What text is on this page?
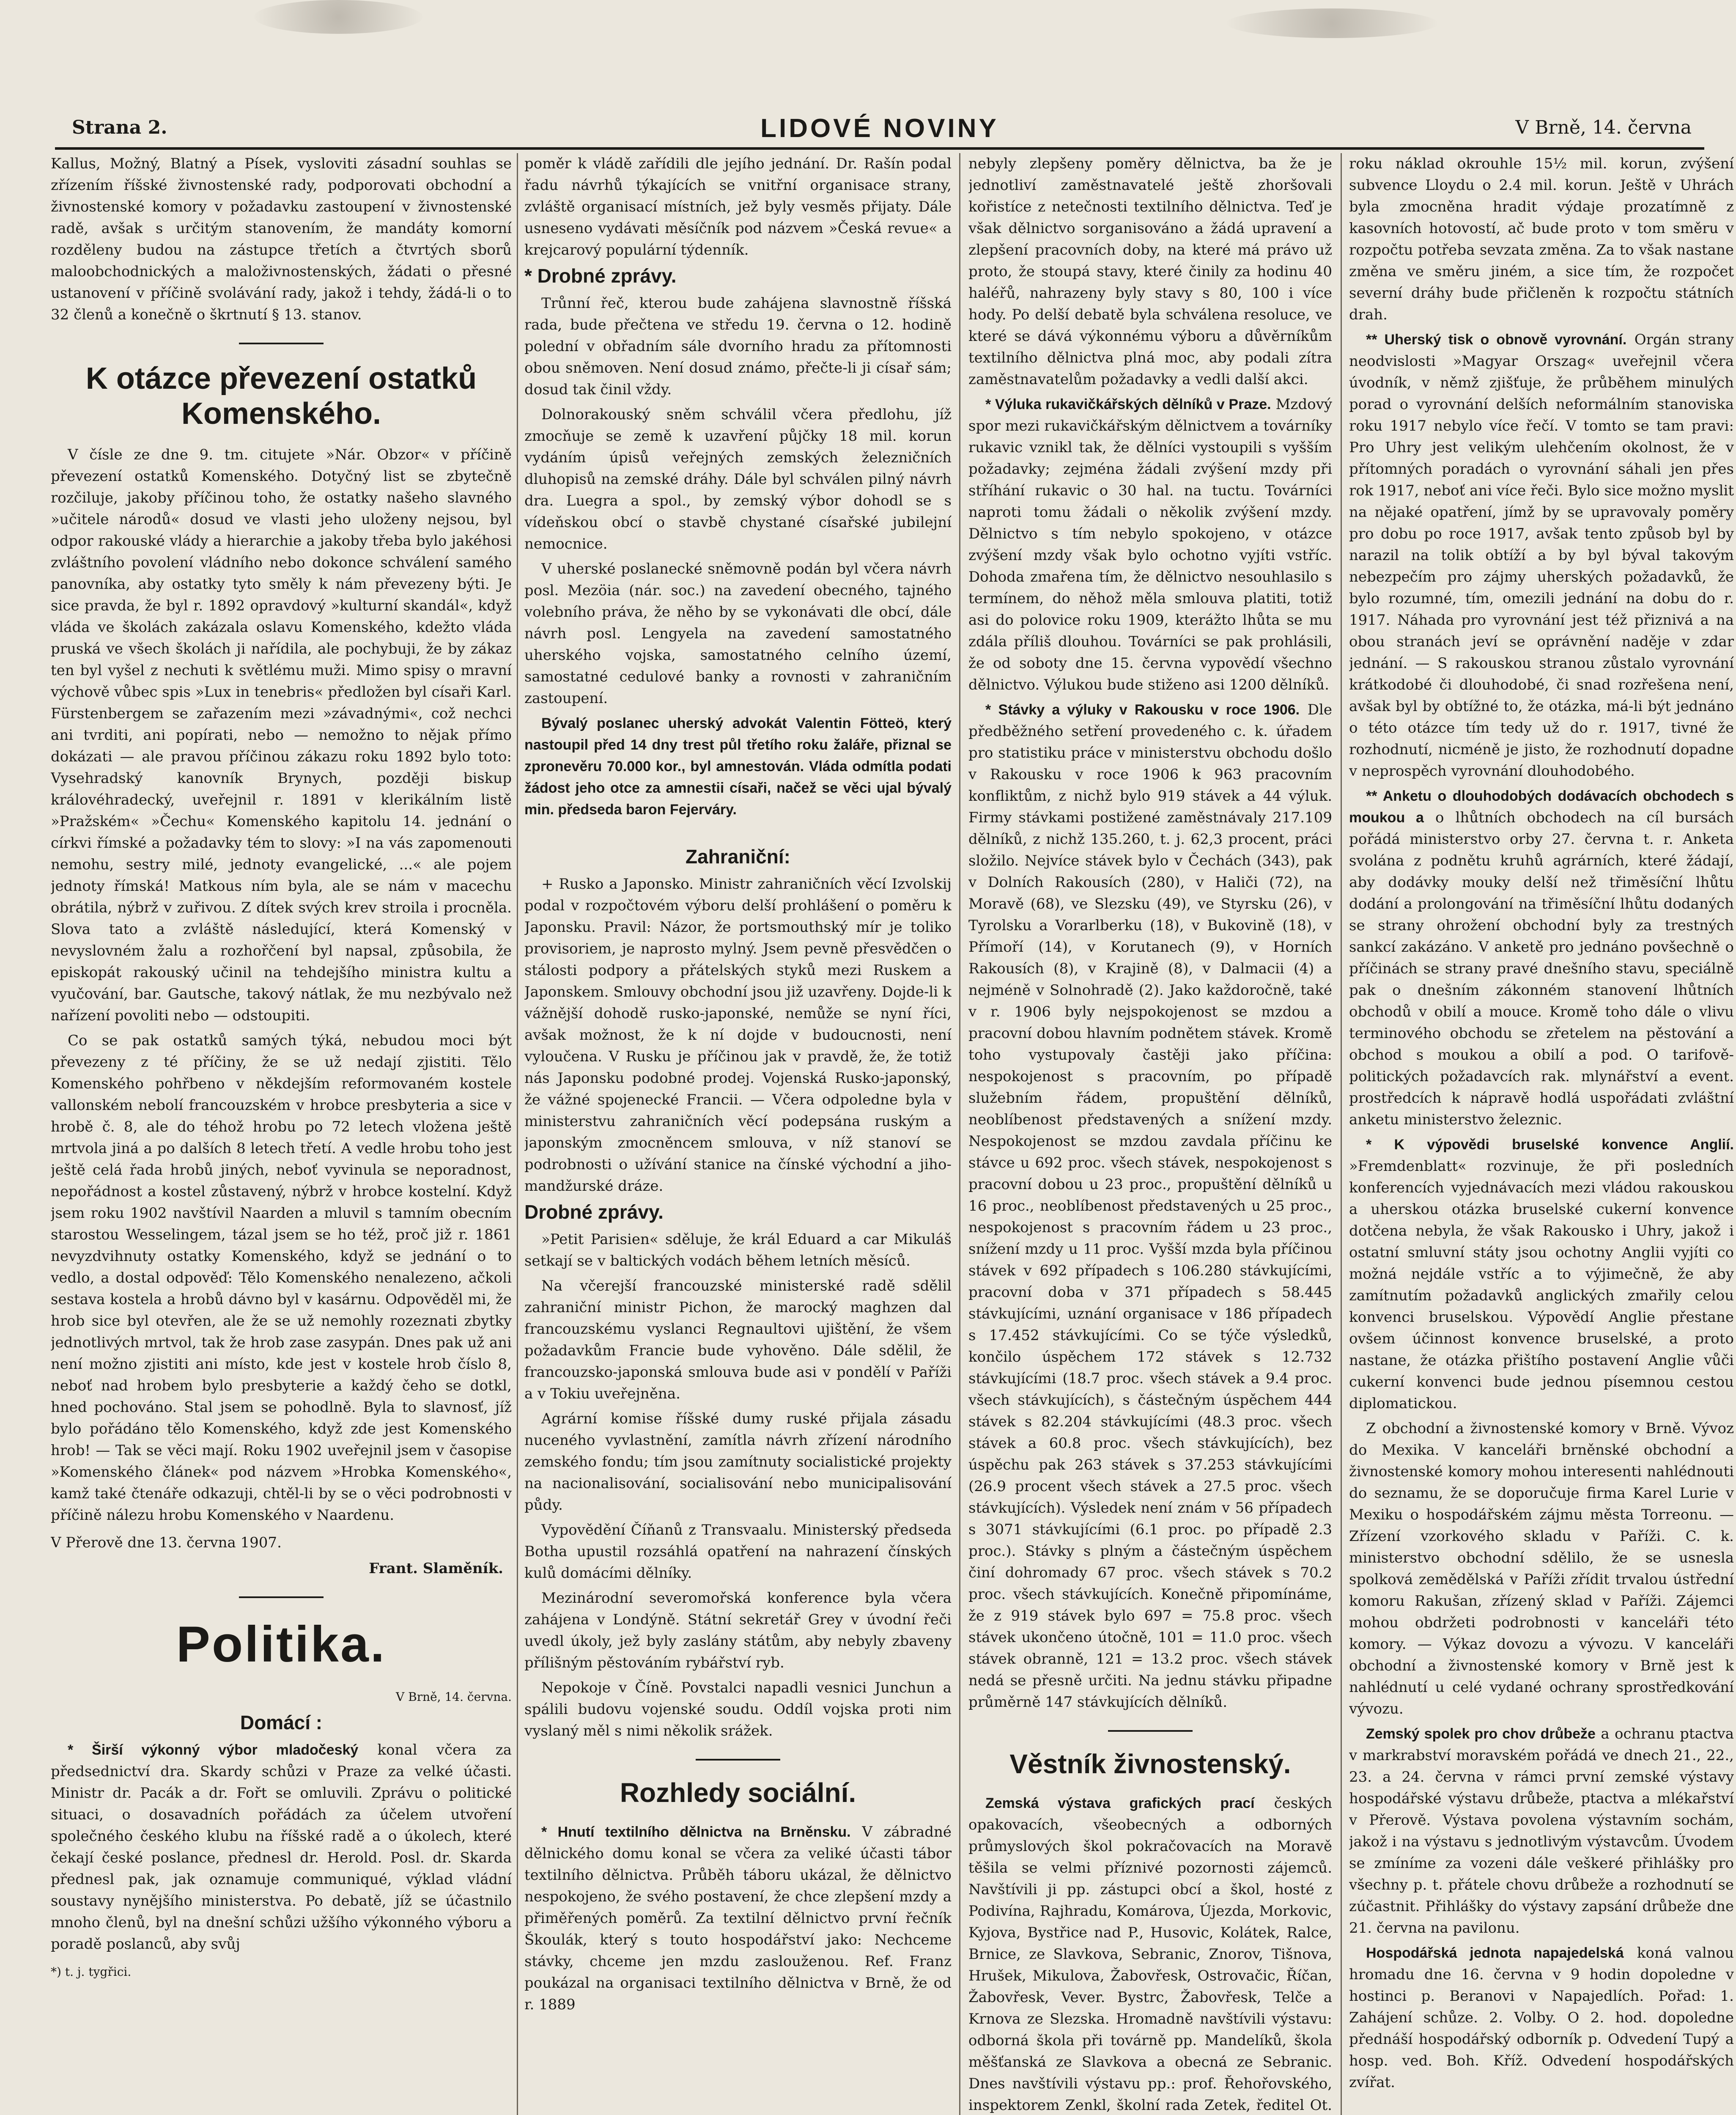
Strana 2.	LIDOVÉ NOVINY	V Brně, 14. června

Kallus, Možný, Blatný a Písek, vysloviti zásadní souhlas se zřízením říšské živnostenské rady, podporovati obchodní a živnostenské komory v požadavku zastoupení v živnostenské radě, avšak s určitým stanovením, že mandáty komorní rozděleny budou na zástupce třetích a čtvrtých sborů maloobchodnických a maloživnostenských, žádati o přesné ustanovení v příčině svolávání rady, jakož i tehdy, žádá-li o to 32 členů a konečně o škrtnutí § 13. stanov.

K otázce převezení ostatků Komenského.

V čísle ze dne 9. tm. citujete »Nár. Obzor« v příčině převezení ostatků Komenského. Dotyčný list se zbytečně rozčiluje, jakoby příčinou toho, že ostatky našeho slavného »učitele národů« dosud ve vlasti jeho uloženy nejsou, byl odpor rakouské vlády a hierarchie a jakoby třeba bylo jakéhosi zvláštního povolení vládního nebo dokonce schválení samého panovníka, aby ostatky tyto směly k nám převezeny býti. Je sice pravda, že byl r. 1892 opravdový »kulturní skandál«, když vláda ve školách zakázala oslavu Komenského, kdežto vláda pruská ve všech školách ji nařídila, ale pochybuji, že by zákaz ten byl vyšel z nechuti k světlému muži. Mimo spisy o mravní výchově vůbec spis »Lux in tenebris« předložen byl císaři Karl. Fürstenbergem se zařazením mezi »závadnými«, což nechci ani tvrditi, ani popírati, nebo — nemožno to nějak přímo dokázati — ale pravou příčinou zákazu roku 1892 bylo toto: Vysehradský kanovník Brynych, později biskup královéhradecký, uveřejnil r. 1891 v klerikálním listě »Pražském« »Čechu« Komenského kapitolu 14. jednání o církvi římské a požadavky tém to slovy: »I na vás zapomenouti nemohu, sestry milé, jednoty evangelické, ...« ale pojem jednoty římská! Matkous ním byla, ale se nám v macechu obrátila, nýbrž v zuřivou. Z dítek svých krev stroila i procněla. Slova tato a zvláště následující, která Komenský v nevyslovném žalu a rozhořčení byl napsal, způsobila, že episkopát rakouský učinil na tehdejšího ministra kultu a vyučování, bar. Gautsche, takový nátlak, že mu nezbývalo než nařízení povoliti nebo — odstoupiti.

Co se pak ostatků samých týká, nebudou moci být převezeny z té příčiny, že se už nedají zjistiti. Tělo Komenského pohřbeno v někdejším reformovaném kostele vallonském nebolí francouzském v hrobce presbyteria a sice v hrobě č. 8, ale do téhož hrobu po 72 letech vložena ještě mrtvola jiná a po dalších 8 letech třetí. A vedle hrobu toho jest ještě celá řada hrobů jiných, neboť vyvinula se neporadnost, nepořádnost a kostel zůstavený, nýbrž v hrobce kostelní. Když jsem roku 1902 navštívil Naarden a mluvil s tamním obecním starostou Wesselingem, tázal jsem se ho též, proč již r. 1861 nevyzdvihnuty ostatky Komenského, když se jednání o to vedlo, a dostal odpověď: Tělo Komenského nenalezeno, ačkoli sestava kostela a hrobů dávno byl v kasárnu. Odpověděl mi, že hrob sice byl otevřen, ale že se už nemohly rozeznati zbytky jednotlivých mrtvol, tak že hrob zase zasypán. Dnes pak už ani není možno zjistiti ani místo, kde jest v kostele hrob číslo 8, neboť nad hrobem bylo presbyterie a každý čeho se dotkl, hned pochováno. Stal jsem se pohodlně. Byla to slavnosť, jíž bylo pořádáno tělo Komenského, když zde jest Komenského hrob! — Tak se věci mají. Roku 1902 uveřejnil jsem v časopise »Komenského článek« pod názvem »Hrobka Komenského«, kamž také čtenáře odkazuji, chtěl-li by se o věci podrobnosti v příčině nálezu hrobu Komenského v Naardenu.

V Přerově dne 13. června 1907.
Frant. Slaměník.
Politika.
V Brně, 14. června.
Domácí :

* Širší výkonný výbor mladočeský konal včera za předsednictví dra. Skardy schůzi v Praze za velké účasti. Ministr dr. Pacák a dr. Fořt se omluvili. Zprávu o politické situaci, o dosavadních pořádách za účelem utvoření společného českého klubu na říšské radě a o úkolech, které čekají české poslance, přednesl dr. Herold. Posl. dr. Skarda přednesl pak, jak oznamuje communiqué, výklad vládní soustavy nynějšího ministerstva. Po debatě, jíž se účastnilo mnoho členů, byl na dnešní schůzi užšího výkonného výboru a poradě poslanců, aby svůj

*) t. j. tygřici.

poměr k vládě zařídili dle jejího jednání. Dr. Rašín podal řadu návrhů týkajících se vnitřní organisace strany, zvláště organisací místních, jež byly vesměs přijaty. Dále usneseno vydávati měsíčník pod názvem »Česká revue« a krejcarový populární týdenník.

* Drobné zprávy.

Trůnní řeč, kterou bude zahájena slavnostně říšská rada, bude přečtena ve středu 19. června o 12. hodině polední v obřadním sále dvorního hradu za přítomnosti obou sněmoven. Není dosud známo, přečte-li ji císař sám; dosud tak činil vždy.

Dolnorakouský sněm schválil včera předlohu, jíž zmocňuje se země k uzavření půjčky 18 mil. korun vydáním úpisů veřejných zemských železničních dluhopisů na zemské dráhy. Dále byl schválen pilný návrh dra. Luegra a spol., by zemský výbor dohodl se s vídeňskou obcí o stavbě chystané císařské jubilejní nemocnice.

V uherské poslanecké sněmovně podán byl včera návrh posl. Mezöia (nár. soc.) na zavedení obecného, tajného volebního práva, že něho by se vykonávati dle obcí, dále návrh posl. Lengyela na zavedení samostatného uherského vojska, samostatného celního území, samostatné cedulové banky a rovnosti v zahraničním zastoupení.

Bývalý poslanec uherský advokát Valentin Fötteö, který nastoupil před 14 dny trest půl třetího roku žaláře, přiznal se zpronevěru 70.000 kor., byl amnestován. Vláda odmítla podati žádost jeho otce za amnestii císaři, načež se věci ujal bývalý min. předseda baron Fejerváry.

Zahraniční:

+ Rusko a Japonsko. Ministr zahraničních věcí Izvolskij podal v rozpočtovém výboru delší prohlášení o poměru k Japonsku. Pravil: Názor, že portsmouthský mír je toliko provisoriem, je naprosto mylný. Jsem pevně přesvědčen o stálosti podpory a přátelských styků mezi Ruskem a Japonskem. Smlouvy obchodní jsou již uzavřeny. Dojde-li k vážnější dohodě rusko-japonské, nemůže se nyní říci, avšak možnost, že k ní dojde v budoucnosti, není vyloučena. V Rusku je příčinou jak v pravdě, že, že totiž nás Japonsku podobné prodej. Vojenská Rusko-japonský, že vážné spojenecké Francii. — Včera odpoledne byla v ministerstvu zahraničních věcí podepsána ruským a japonským zmocněncem smlouva, v níž stanoví se podrobnosti o užívání stanice na čínské východní a jiho-mandžurské dráze.

Drobné zprávy.

»Petit Parisien« sděluje, že král Eduard a car Mikuláš setkají se v baltických vodách během letních měsíců.

Na včerejší francouzské ministerské radě sdělil zahraniční ministr Pichon, že marocký maghzen dal francouzskému vyslanci Regnaultovi ujištění, že všem požadavkům Francie bude vyhověno. Dále sdělil, že francouzsko-japonská smlouva bude asi v pondělí v Paříži a v Tokiu uveřejněna.

Agrární komise říšské dumy ruské přijala zásadu nuceného vyvlastnění, zamítla návrh zřízení národního zemského fondu; tím jsou zamítnuty socialistické projekty na nacionalisování, socialisování nebo municipalisování půdy.

Vypovědění Číňanů z Transvaalu. Ministerský předseda Botha upustil rozsáhlá opatření na nahrazení čínských kulů domácími dělníky.

Mezinárodní severomořská konference byla včera zahájena v Londýně. Státní sekretář Grey v úvodní řeči uvedl úkoly, jež byly zaslány státům, aby nebyly zbaveny přílišným pěstováním rybářství ryb.

Nepokoje v Číně. Povstalci napadli vesnici Junchun a spálili budovu vojenské soudu. Oddíl vojska proti nim vyslaný měl s nimi několik srážek.

Rozhledy sociální.

* Hnutí textilního dělnictva na Brněnsku. V zábradné dělnického domu konal se včera za veliké účasti tábor textilního dělnictva. Průběh táboru ukázal, že dělnictvo nespokojeno, že svého postavení, že chce zlepšení mzdy a přiměřených poměrů. Za textilní dělnictvo první řečník Škoulák, který s touto hospodářství jako: Nechceme stávky, chceme jen mzdu zaslouženou. Ref. Franz poukázal na organisaci textilního dělnictva v Brně, že od r. 1889

nebyly zlepšeny poměry dělnictva, ba že je jednotliví zaměstnavatelé ještě zhoršovali kořistíce z netečnosti textilního dělnictva. Teď je však dělnictvo sorganisováno a žádá upravení a zlepšení pracovních doby, na které má právo už proto, že stoupá stavy, které činily za hodinu 40 haléřů, nahrazeny byly stavy s 80, 100 i více hody. Po delší debatě byla schválena resoluce, ve které se dává výkonnému výboru a důvěrníkům textilního dělnictva plná moc, aby podali zítra zaměstnavatelům požadavky a vedli další akci.

* Výluka rukavičkářských dělníků v Praze. Mzdový spor mezi rukavičkářským dělnictvem a továrníky rukavic vznikl tak, že dělníci vystoupili s vyšším požadavky; zejména žádali zvýšení mzdy při stříhání rukavic o 30 hal. na tuctu. Továrníci naproti tomu žádali o několik zvýšení mzdy. Dělnictvo s tím nebylo spokojeno, v otázce zvýšení mzdy však bylo ochotno vyjíti vstříc. Dohoda zmařena tím, že dělnictvo nesouhlasilo s termínem, do něhož měla smlouva platiti, totiž asi do polovice roku 1909, kterážto lhůta se mu zdála příliš dlouhou. Továrníci se pak prohlásili, že od soboty dne 15. června vypovědí všechno dělnictvo. Výlukou bude stiženo asi 1200 dělníků.

* Stávky a výluky v Rakousku v roce 1906. Dle předběžného setření provedeného c. k. úřadem pro statistiku práce v ministerstvu obchodu došlo v Rakousku v roce 1906 k 963 pracovním konfliktům, z nichž bylo 919 stávek a 44 výluk. Firmy stávkami postižené zaměstnávaly 217.109 dělníků, z nichž 135.260, t. j. 62,3 procent, práci složilo. Nejvíce stávek bylo v Čechách (343), pak v Dolních Rakousích (280), v Haliči (72), na Moravě (68), ve Slezsku (49), ve Styrsku (26), v Tyrolsku a Vorarlberku (18), v Bukovině (18), v Přímoří (14), v Korutanech (9), v Horních Rakousích (8), v Krajině (8), v Dalmacii (4) a nejméně v Solnohradě (2). Jako každoročně, také v r. 1906 byly nejspokojenost se mzdou a pracovní dobou hlavním podnětem stávek. Kromě toho vystupovaly častěji jako příčina: nespokojenost s pracovním, po případě služebním řádem, propuštění dělníků, neoblíbenost představených a snížení mzdy. Nespokojenost se mzdou zavdala příčinu ke stávce u 692 proc. všech stávek, nespokojenost s pracovní dobou u 23 proc., propuštění dělníků u 16 proc., neoblíbenost představených u 25 proc., nespokojenost s pracovním řádem u 23 proc., snížení mzdy u 11 proc. Vyšší mzda byla příčinou stávek v 692 případech s 106.280 stávkujícími, pracovní doba v 371 případech s 58.445 stávkujícími, uznání organisace v 186 případech s 17.452 stávkujícími. Co se týče výsledků, končilo úspěchem 172 stávek s 12.732 stávkujícími (18.7 proc. všech stávek a 9.4 proc. všech stávkujících), s částečným úspěchem 444 stávek s 82.204 stávkujícími (48.3 proc. všech stávek a 60.8 proc. všech stávkujících), bez úspěchu pak 263 stávek s 37.253 stávkujícími (26.9 procent všech stávek a 27.5 proc. všech stávkujících). Výsledek není znám v 56 případech s 3071 stávkujícími (6.1 proc. po případě 2.3 proc.). Stávky s plným a částečným úspěchem činí dohromady 67 proc. všech stávek s 70.2 proc. všech stávkujících. Konečně připomínáme, že z 919 stávek bylo 697 = 75.8 proc. všech stávek ukončeno útočně, 101 = 11.0 proc. všech stávek obranně, 121 = 13.2 proc. všech stávek nedá se přesně určiti. Na jednu stávku připadne průměrně 147 stávkujících dělníků.

Věstník živnostenský.

Zemská výstava grafických prací českých opakovacích, všeobecných a odborných průmyslových škol pokračovacích na Moravě těšila se velmi příznivé pozornosti zájemců. Navštívili ji pp. zástupci obcí a škol, hosté z Podivína, Rajhradu, Komárova, Újezda, Morkovic, Kyjova, Bystřice nad P., Husovic, Kolátek, Ralce, Brnice, ze Slavkova, Sebranic, Znorov, Tišnova, Hrušek, Mikulova, Žabovřesk, Ostrovačic, Říčan, Žabovřesk, Vever. Bystrc, Žabovřesk, Telče a Krnova ze Slezska. Hromadně navštívili výstavu: odborná škola při továrně pp. Mandelíků, škola měšťanská ze Slavkova a obecná ze Sebranic. Dnes navštívili výstavu pp.: prof. Řehořovského, inspektorem Zenkl, školní rada Zetek, ředitel Ot.

roku náklad okrouhle 15½ mil. korun, zvýšení subvence Lloydu o 2.4 mil. korun. Ještě v Uhrách byla zmocněna hradit výdaje prozatímně z kasovních hotovostí, ač bude proto v tom směru v rozpočtu potřeba sevzata změna. Za to však nastane změna ve směru jiném, a sice tím, že rozpočet severní dráhy bude přičleněn k rozpočtu státních drah.

** Uherský tisk o obnově vyrovnání. Orgán strany neodvislosti »Magyar Orszag« uveřejnil včera úvodník, v němž zjišťuje, že průběhem minulých porad o vyrovnání delších neformálním stanoviska roku 1917 nebylo více řečí. V tomto se tam pravi: Pro Uhry jest velikým ulehčením okolnost, že v přítomných poradách o vyrovnání sáhali jen přes rok 1917, neboť ani více řeči. Bylo sice možno myslit na nějaké opatření, jímž by se upravovaly poměry pro dobu po roce 1917, avšak tento způsob byl by narazil na tolik obtíží a by byl býval takovým nebezpečím pro zájmy uherských požadavků, že bylo rozumné, tím, omezili jednání na dobu do r. 1917. Náhada pro vyrovnání jest též přiznivá a na obou stranách jeví se oprávnění naděje v zdar jednání. — S rakouskou stranou zůstalo vyrovnání krátkodobé či dlouhodobé, či snad rozřešena není, avšak byl by obtížné to, že otázka, má-li být jednáno o této otázce tím tedy už do r. 1917, tivné že rozhodnutí, nicméně je jisto, že rozhodnutí dopadne v neprospěch vyrovnání dlouhodobého.

** Anketu o dlouhodobých dodávacích obchodech s moukou a o lhůtních obchodech na cíl bursách pořádá ministerstvo orby 27. června t. r. Anketa svolána z podnětu kruhů agrárních, které žádají, aby dodávky mouky delší než třiměsíční lhůtu dodání a prolongování na třiměsíční lhůtu dodaných se strany ohrožení obchodní byly za trestných sankcí zakázáno. V anketě pro jednáno povšechně o příčinách se strany pravé dnešního stavu, speciálně pak o dnešním zákonném stanovení lhůtních obchodů v obilí a mouce. Kromě toho dále o vlivu terminového obchodu se zřetelem na pěstování a obchod s moukou a obilí a pod. O tarifově-politických požadavcích rak. mlynářství a event. prostředcích k nápravě hodlá uspořádati zvláštní anketu ministerstvo železnic.

* K výpovědi bruselské konvence Anglií. »Fremdenblatt« rozvinuje, že při posledních konferencích vyjednávacích mezi vládou rakouskou a uherskou otázka bruselské cukerní konvence dotčena nebyla, že však Rakousko i Uhry, jakož i ostatní smluvní státy jsou ochotny Anglii vyjíti co možná nejdále vstříc a to výjimečně, že aby zamítnutím požadavků anglických zmařily celou konvenci bruselskou. Výpovědí Anglie přestane ovšem účinnost konvence bruselské, a proto nastane, že otázka přištího postavení Anglie vůči cukerní konvenci bude jednou písemnou cestou diplomatickou.

Z obchodní a živnostenské komory v Brně. Vývoz do Mexika. V kanceláři brněnské obchodní a živnostenské komory mohou interesenti nahlédnouti do seznamu, že se doporučuje firma Karel Lurie v Mexiku o hospodářském zájmu města Torreonu. — Zřízení vzorkového skladu v Paříži. C. k. ministerstvo obchodní sdělilo, že se usnesla spolková zemědělská v Paříži zřídit trvalou ústřední komoru Rakušan, zřízený sklad v Paříži. Zájemci mohou obdržeti podrobnosti v kanceláři této komory. — Výkaz dovozu a vývozu. V kanceláři obchodní a živnostenské komory v Brně jest k nahlédnutí u celé vydané ochrany sprostředkování vývozu.

Zemský spolek pro chov drůbeže a ochranu ptactva v markrabství moravském pořádá ve dnech 21., 22., 23. a 24. června v rámci první zemské výstavy hospodářské výstavu drůbeže, ptactva a mlékařství v Přerově. Výstava povolena výstavním sochám, jakož i na výstavu s jednotlivým výstavcům. Úvodem se zmíníme za vozeni dále veškeré přihlášky pro všechny p. t. přátele chovu drůbeže a rozhodnutí se zúčastnit. Přihlášky do výstavy zapsání drůbeže dne 21. června na pavilonu.

Hospodářská jednota napajedelská koná valnou hromadu dne 16. června v 9 hodin dopoledne v hostinci p. Beranovi v Napajedlích. Pořad: 1. Zahájení schůze. 2. Volby. O 2. hod. dopoledne přednáší hospodářský odborník p. Odvedení Tupý a hosp. ved. Boh. Kříž. Odvedení hospodářských zvířat.
